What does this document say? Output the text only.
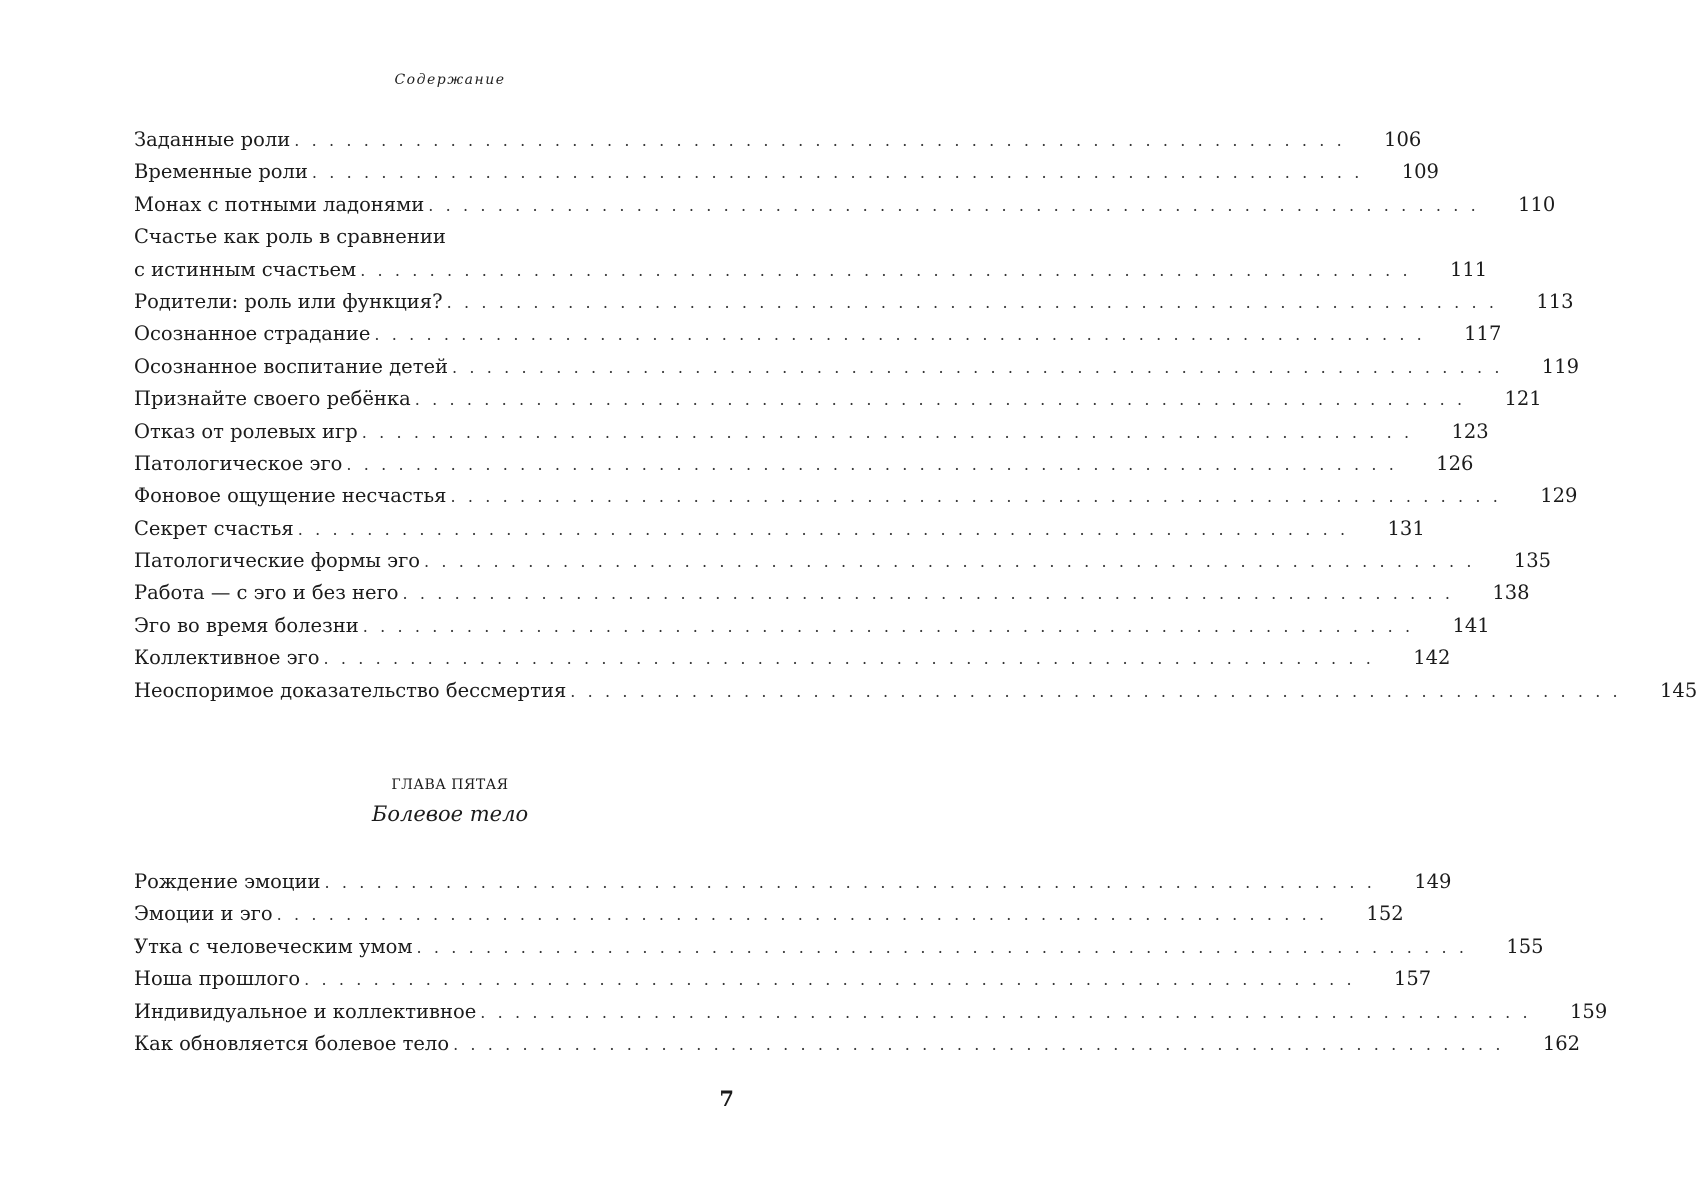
Содержание
Заданные роли . . . . . . . . . . . . . . . . . . . . . . . . . . . . . . . . . . . . . . . . . . . . . . . . . . . . . . . . . . . . . 106
Временные роли . . . . . . . . . . . . . . . . . . . . . . . . . . . . . . . . . . . . . . . . . . . . . . . . . . . . . . . . . . . . . 109
Монах с потными ладонями . . . . . . . . . . . . . . . . . . . . . . . . . . . . . . . . . . . . . . . . . . . . . . . . . . . . . . . . . . . . . 110
Счастье как роль в сравнении
с истинным счастьем . . . . . . . . . . . . . . . . . . . . . . . . . . . . . . . . . . . . . . . . . . . . . . . . . . . . . . . . . . . . . 111
Родители: роль или функция? . . . . . . . . . . . . . . . . . . . . . . . . . . . . . . . . . . . . . . . . . . . . . . . . . . . . . . . . . . . . . 113
Осознанное страдание . . . . . . . . . . . . . . . . . . . . . . . . . . . . . . . . . . . . . . . . . . . . . . . . . . . . . . . . . . . . . 117
Осознанное воспитание детей . . . . . . . . . . . . . . . . . . . . . . . . . . . . . . . . . . . . . . . . . . . . . . . . . . . . . . . . . . . . . 119
Признайте своего ребёнка . . . . . . . . . . . . . . . . . . . . . . . . . . . . . . . . . . . . . . . . . . . . . . . . . . . . . . . . . . . . . 121
Отказ от ролевых игр . . . . . . . . . . . . . . . . . . . . . . . . . . . . . . . . . . . . . . . . . . . . . . . . . . . . . . . . . . . . . 123
Патологическое эго . . . . . . . . . . . . . . . . . . . . . . . . . . . . . . . . . . . . . . . . . . . . . . . . . . . . . . . . . . . . . 126
Фоновое ощущение несчастья . . . . . . . . . . . . . . . . . . . . . . . . . . . . . . . . . . . . . . . . . . . . . . . . . . . . . . . . . . . . . 129
Секрет счастья . . . . . . . . . . . . . . . . . . . . . . . . . . . . . . . . . . . . . . . . . . . . . . . . . . . . . . . . . . . . . 131
Патологические формы эго . . . . . . . . . . . . . . . . . . . . . . . . . . . . . . . . . . . . . . . . . . . . . . . . . . . . . . . . . . . . . 135
Работа — с эго и без него . . . . . . . . . . . . . . . . . . . . . . . . . . . . . . . . . . . . . . . . . . . . . . . . . . . . . . . . . . . . . 138
Эго во время болезни . . . . . . . . . . . . . . . . . . . . . . . . . . . . . . . . . . . . . . . . . . . . . . . . . . . . . . . . . . . . . 141
Коллективное эго . . . . . . . . . . . . . . . . . . . . . . . . . . . . . . . . . . . . . . . . . . . . . . . . . . . . . . . . . . . . . 142
Неоспоримое доказательство бессмертия . . . . . . . . . . . . . . . . . . . . . . . . . . . . . . . . . . . . . . . . . . . . . . . . . . . . . . . . . . . . . 145
ГЛАВА ПЯТАЯ
Болевое тело
Рождение эмоции . . . . . . . . . . . . . . . . . . . . . . . . . . . . . . . . . . . . . . . . . . . . . . . . . . . . . . . . . . . . . 149
Эмоции и эго . . . . . . . . . . . . . . . . . . . . . . . . . . . . . . . . . . . . . . . . . . . . . . . . . . . . . . . . . . . . . 152
Утка с человеческим умом . . . . . . . . . . . . . . . . . . . . . . . . . . . . . . . . . . . . . . . . . . . . . . . . . . . . . . . . . . . . . 155
Ноша прошлого . . . . . . . . . . . . . . . . . . . . . . . . . . . . . . . . . . . . . . . . . . . . . . . . . . . . . . . . . . . . . 157
Индивидуальное и коллективное . . . . . . . . . . . . . . . . . . . . . . . . . . . . . . . . . . . . . . . . . . . . . . . . . . . . . . . . . . . . . 159
Как обновляется болевое тело . . . . . . . . . . . . . . . . . . . . . . . . . . . . . . . . . . . . . . . . . . . . . . . . . . . . . . . . . . . . . 162
7
